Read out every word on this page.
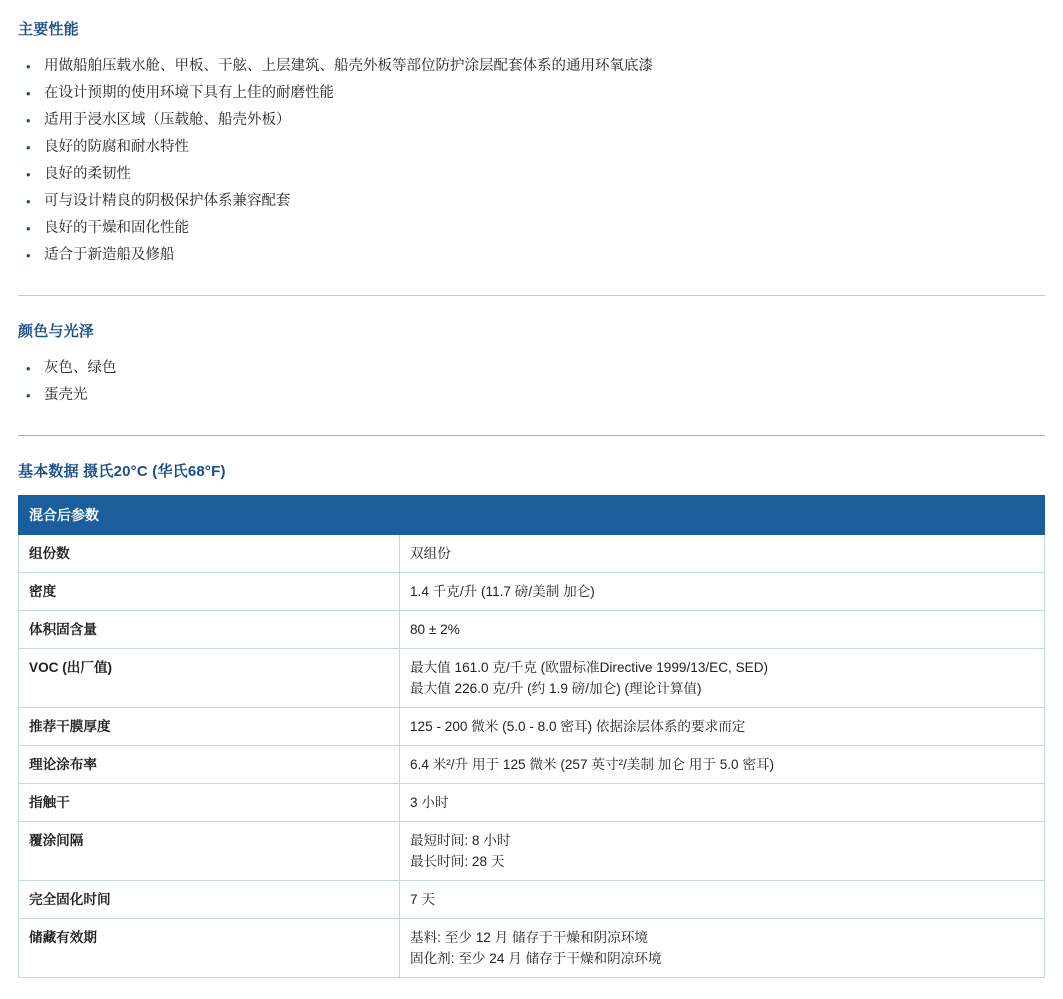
主要性能
• 用做船舶压载水舱、甲板、干舷、上层建筑、船壳外板等部位防护涂层配套体系的通用环氧底漆
• 在设计预期的使用环境下具有上佳的耐磨性能
• 适用于浸水区域（压载舱、船壳外板）
• 良好的防腐和耐水特性
• 良好的柔韧性
• 可与设计精良的阴极保护体系兼容配套
• 良好的干燥和固化性能
• 适合于新造船及修船
颜色与光泽
• 灰色、绿色
• 蛋壳光
基本数据 摄氏20°C (华氏68°F)
混合后参数	
组份数	双组份

密度	1.4 千克/升 (11.7 磅/美制 加仑)

体积固含量	80 ± 2%

VOC (出厂值)	最大值 161.0 克/千克 (欧盟标准Directive 1999/13/EC, SED)
最大值 226.0 克/升 (约 1.9 磅/加仑) (理论计算值)

推荐干膜厚度	125 - 200 微米 (5.0 - 8.0 密耳) 依据涂层体系的要求而定

理论涂布率	6.4 米²/升 用于 125 微米 (257 英寸²/美制 加仑 用于 5.0 密耳)

指触干	3 小时

覆涂间隔	最短时间: 8 小时
最长时间: 28 天

完全固化时间	7 天

储藏有效期	基料: 至少 12 月 储存于干燥和阴凉环境
固化剂: 至少 24 月 储存于干燥和阴凉环境
